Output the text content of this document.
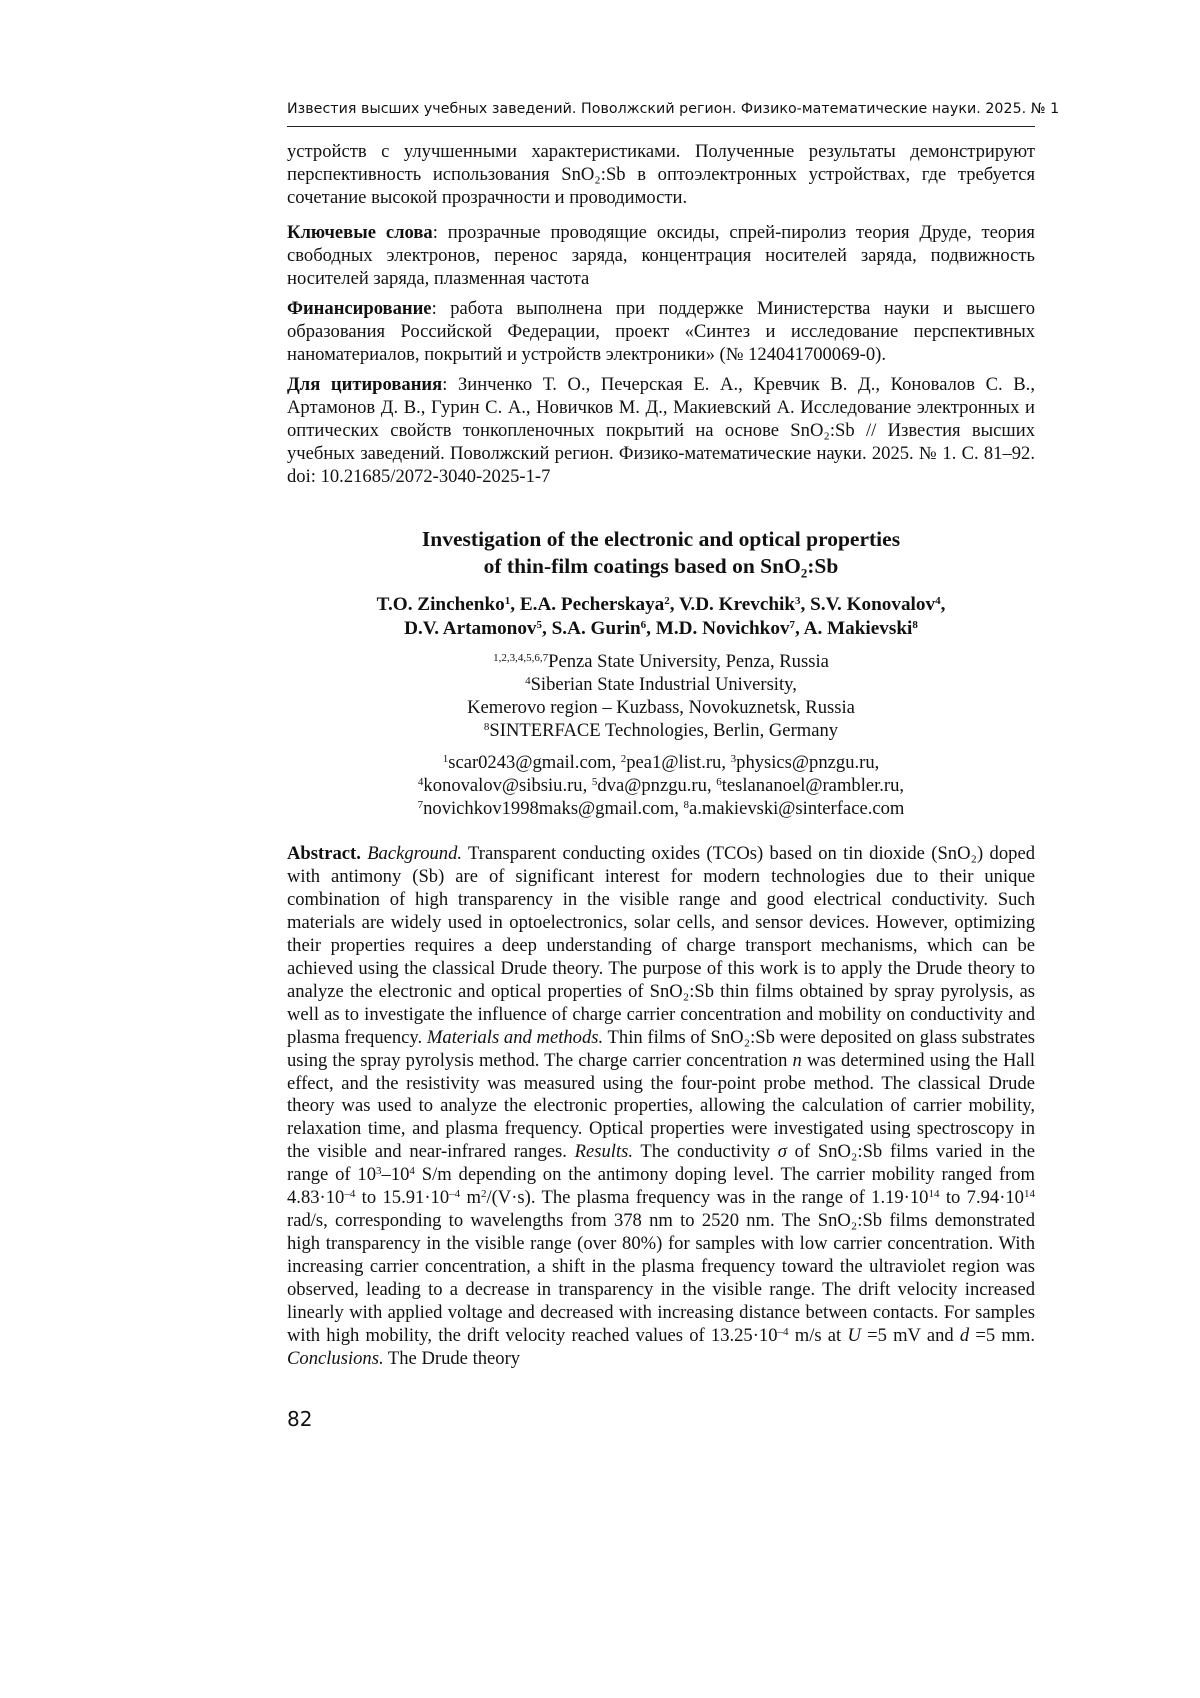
Известия высших учебных заведений. Поволжский регион. Физико-математические науки. 2025. № 1

устройств с улучшенными характеристиками. Полученные результаты демонстрируют перспективность использования SnO₂:Sb в оптоэлектронных устройствах, где требуется сочетание высокой прозрачности и проводимости.

Ключевые слова: прозрачные проводящие оксиды, спрей-пиролиз теория Друде, теория свободных электронов, перенос заряда, концентрация носителей заряда, подвижность носителей заряда, плазменная частота

Финансирование: работа выполнена при поддержке Министерства науки и высшего образования Российской Федерации, проект «Синтез и исследование перспективных наноматериалов, покрытий и устройств электроники» (№ 124041700069-0).

Для цитирования: Зинченко Т. О., Печерская Е. А., Кревчик В. Д., Коновалов С. В., Артамонов Д. В., Гурин С. А., Новичков М. Д., Макиевский А. Исследование электронных и оптических свойств тонкопленочных покрытий на основе SnO₂:Sb // Известия высших учебных заведений. Поволжский регион. Физико-математические науки. 2025. № 1. С. 81–92. doi: 10.21685/2072-3040-2025-1-7

Investigation of the electronic and optical properties
of thin-film coatings based on SnO₂:Sb
T.O. Zinchenko$^1$, E.A. Pecherskaya$^2$, V.D. Krevchik$^3$, S.V. Konovalov$^4$,
D.V. Artamonov$^5$, S.A. Gurin$^6$, M.D. Novichkov$^7$, A. Makievski$^8$
$^{1,2,3,4,5,6,7}$Penza State University, Penza, Russia
$^4$Siberian State Industrial University,
Kemerovo region – Kuzbass, Novokuznetsk, Russia
$^8$SINTERFACE Technologies, Berlin, Germany
$^1$scar0243@gmail.com, $^2$pea1@list.ru, $^3$physics@pnzgu.ru,
$^4$konovalov@sibsiu.ru, $^5$dva@pnzgu.ru, $^6$teslananoel@rambler.ru,
$^7$novichkov1998maks@gmail.com, $^8$a.makievski@sinterface.com

Abstract. Background. Transparent conducting oxides (TCOs) based on tin dioxide (SnO₂) doped with antimony (Sb) are of significant interest for modern technologies due to their unique combination of high transparency in the visible range and good electrical conductivity. Such materials are widely used in optoelectronics, solar cells, and sensor devices. However, optimizing their properties requires a deep understanding of charge transport mechanisms, which can be achieved using the classical Drude theory. The purpose of this work is to apply the Drude theory to analyze the electronic and optical properties of SnO₂:Sb thin films obtained by spray pyrolysis, as well as to investigate the influence of charge carrier concentration and mobility on conductivity and plasma frequency. Materials and methods. Thin films of SnO₂:Sb were deposited on glass substrates using the spray pyrolysis method. The charge carrier concentration n was determined using the Hall effect, and the resistivity was measured using the four-point probe method. The classical Drude theory was used to analyze the electronic properties, allowing the calculation of carrier mobility, relaxation time, and plasma frequency. Optical properties were investigated using spectroscopy in the visible and near-infrared ranges. Results. The conductivity σ of SnO₂:Sb films varied in the range of $10^3-10^4$ S/m depending on the antimony doping level. The carrier mobility ranged from $4.83\cdot 10^{-4}$ to $15.91\cdot 10^{-4}$ $m^2/(V\cdot s)$. The plasma frequency was in the range of $1.19\cdot 10^{14}$ to $7.94\cdot 10^{14}$ rad/s, corresponding to wavelengths from 378 nm to 2520 nm. The SnO₂:Sb films demonstrated high transparency in the visible range (over 80%) for samples with low carrier concentration. With increasing carrier concentration, a shift in the plasma frequency toward the ultraviolet region was observed, leading to a decrease in transparency in the visible range. The drift velocity increased linearly with applied voltage and decreased with increasing distance between contacts. For samples with high mobility, the drift velocity reached values of $13.25\cdot 10^{-4}$ m/s at U =5 mV and d =5 mm. Conclusions. The Drude theory

82
